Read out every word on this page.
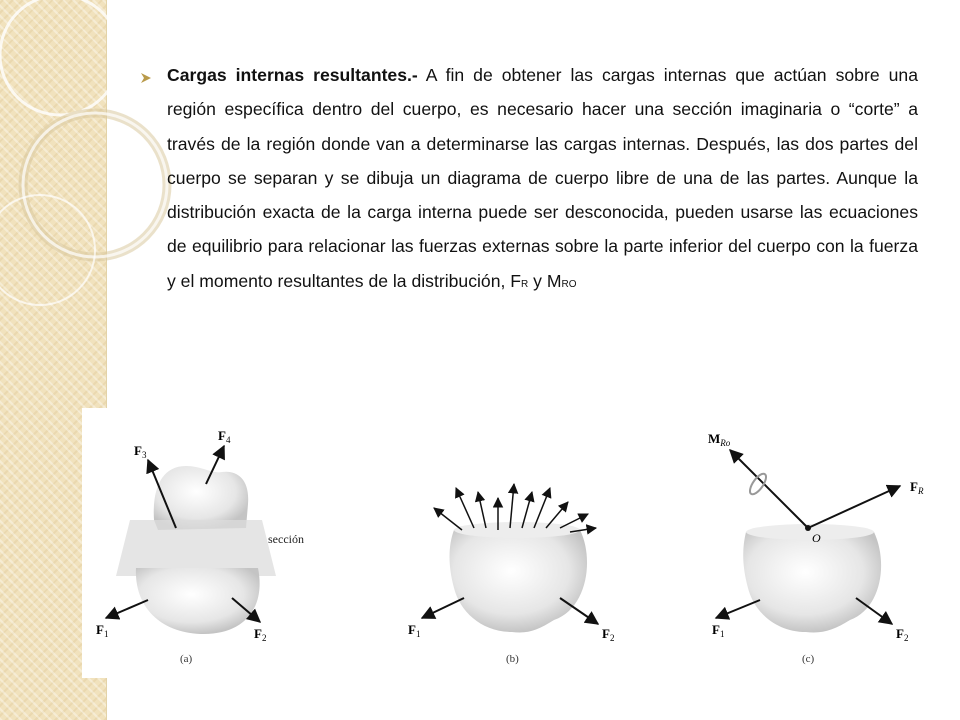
Cargas internas resultantes.- A fin de obtener las cargas internas que actúan sobre una región específica dentro del cuerpo, es necesario hacer una sección imaginaria o “corte” a través de la región donde van a determinarse las cargas internas. Después, las dos partes del cuerpo se separan y se dibuja un diagrama de cuerpo libre de una de las partes. Aunque la distribución exacta de la carga interna puede ser desconocida, pueden usarse las ecuaciones de equilibrio para relacionar las fuerzas externas sobre la parte inferior del cuerpo con la fuerza y el momento resultantes de la distribución, FR y MRO

$F_3$
$F_4$
$F_1$	$F_2$
sección
(a)
$F_1$	$F_2$
(b)
$M_{Ro}$
$F_R$
O
$F_1$	$F_2$
(c)
